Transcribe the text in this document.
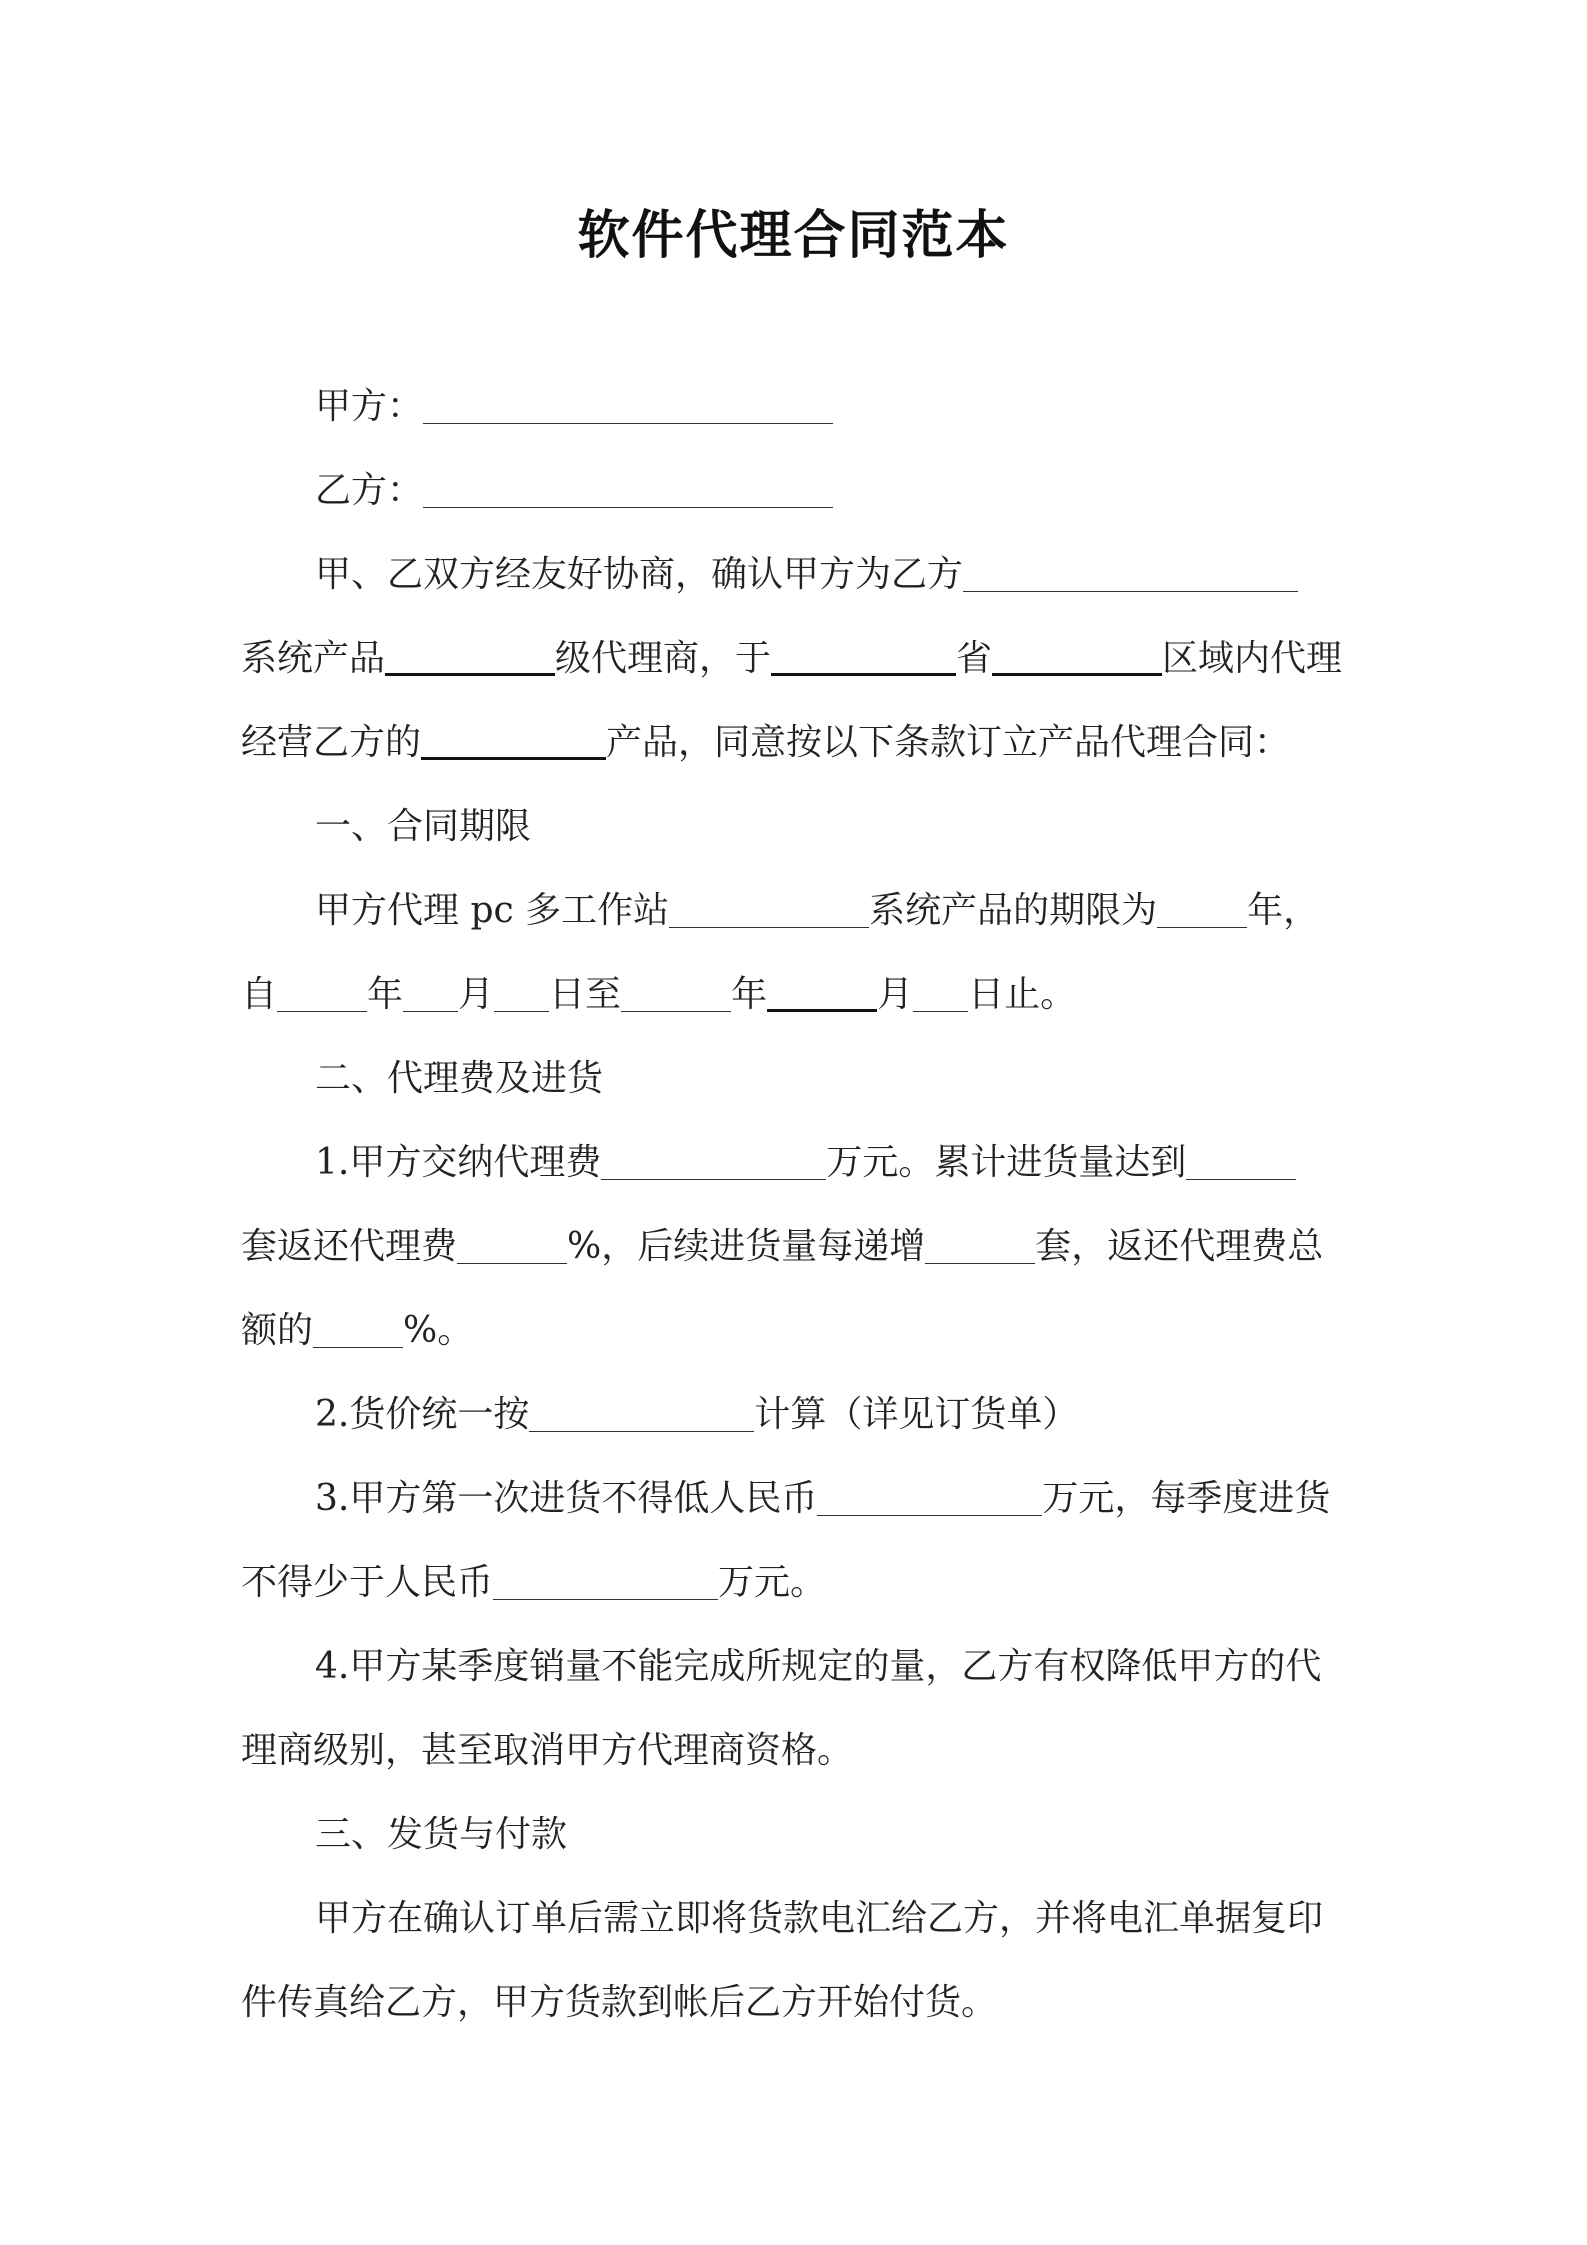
软件代理合同范本

甲方：

乙方：

甲、乙双方经友好协商，确认甲方为乙方

系统产品	级代理商，于	省	区域内代理

经营乙方的	产品，同意按以下条款订立产品代理合同：

一、合同期限

甲方代理 pc 多工作站	系统产品的期限为	年，

自	年 月 日至	年	月 日止。

二、代理费及进货

1.甲方交纳代理费	万元。累计进货量达到

套返还代理费	%，后续进货量每递增	套，返还代理费总

额的	%。

2.货价统一按	计算（详见订货单）

3.甲方第一次进货不得低人民币	万元，每季度进货

不得少于人民币	万元。

4.甲方某季度销量不能完成所规定的量，乙方有权降低甲方的代

理商级别，甚至取消甲方代理商资格。

三、发货与付款

甲方在确认订单后需立即将货款电汇给乙方，并将电汇单据复印

件传真给乙方，甲方货款到帐后乙方开始付货。
